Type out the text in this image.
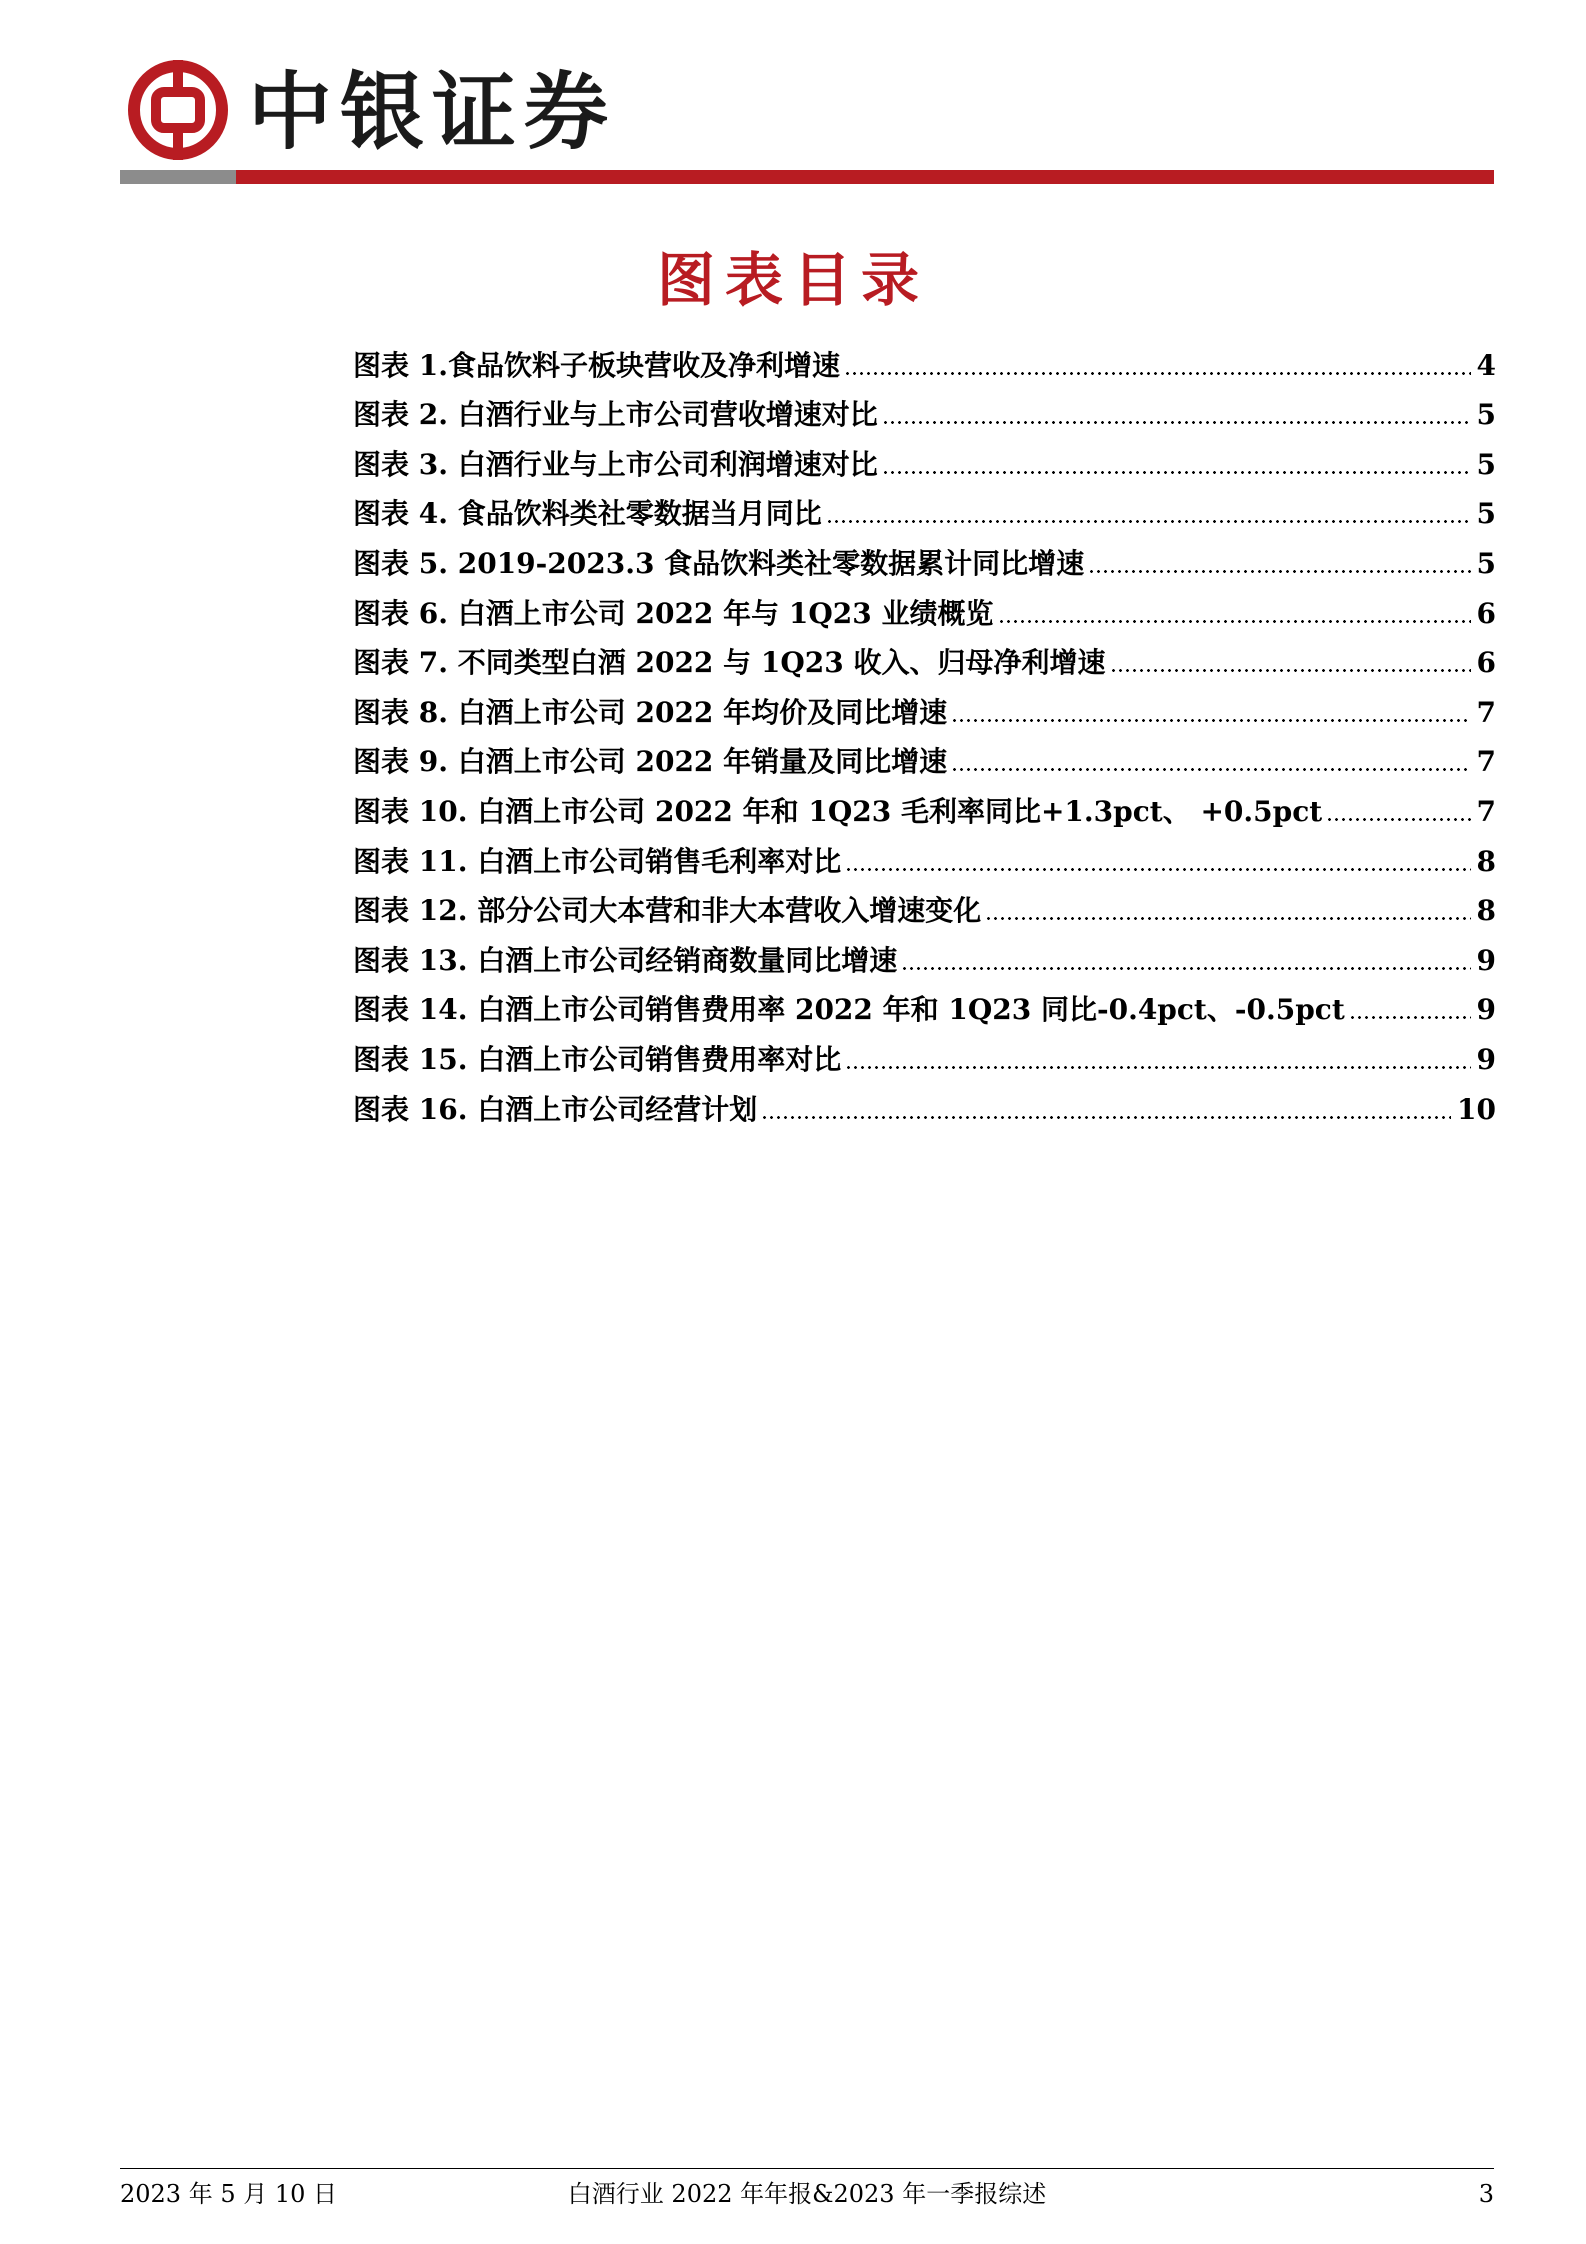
中银证券
图表目录
图表 1.食品饮料子板块营收及净利增速	4
图表 2. 白酒行业与上市公司营收增速对比	5
图表 3. 白酒行业与上市公司利润增速对比	5
图表 4. 食品饮料类社零数据当月同比	5
图表 5. 2019-2023.3 食品饮料类社零数据累计同比增速	5
图表 6. 白酒上市公司 2022 年与 1Q23 业绩概览	6
图表 7. 不同类型白酒 2022 与 1Q23 收入、归母净利增速	6
图表 8. 白酒上市公司 2022 年均价及同比增速	7
图表 9. 白酒上市公司 2022 年销量及同比增速	7
图表 10. 白酒上市公司 2022 年和 1Q23 毛利率同比+1.3pct、 +0.5pct	7
图表 11. 白酒上市公司销售毛利率对比	8
图表 12. 部分公司大本营和非大本营收入增速变化	8
图表 13. 白酒上市公司经销商数量同比增速	9
图表 14. 白酒上市公司销售费用率 2022 年和 1Q23 同比-0.4pct、-0.5pct	9
图表 15. 白酒上市公司销售费用率对比	9
图表 16. 白酒上市公司经营计划	10
2023 年 5 月 10 日	白酒行业 2022 年年报&2023 年一季报综述	3
